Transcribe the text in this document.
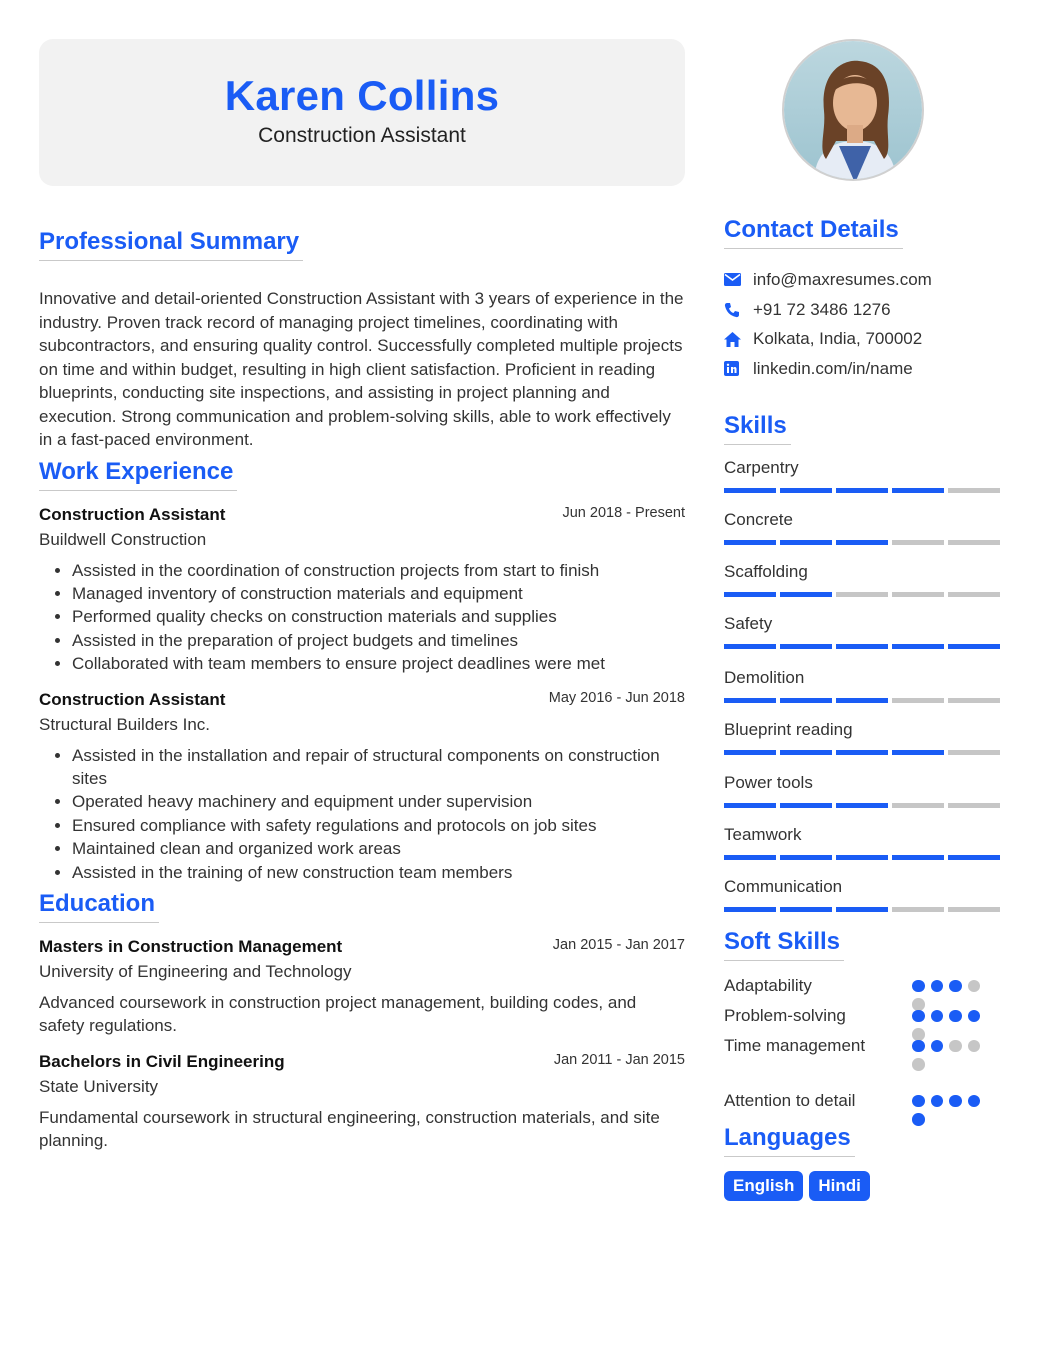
Karen Collins
Construction Assistant
Professional Summary

Innovative and detail-oriented Construction Assistant with 3 years of experience in the industry. Proven track record of managing project timelines, coordinating with subcontractors, and ensuring quality control. Successfully completed multiple projects on time and within budget, resulting in high client satisfaction. Proficient in reading blueprints, conducting site inspections, and assisting in project planning and execution. Strong communication and problem-solving skills, able to work effectively in a fast-paced environment.

Work Experience
Construction Assistant	Jun 2018 - Present
Buildwell Construction
• Assisted in the coordination of construction projects from start to finish
• Managed inventory of construction materials and equipment
• Performed quality checks on construction materials and supplies
• Assisted in the preparation of project budgets and timelines
• Collaborated with team members to ensure project deadlines were met
Construction Assistant	May 2016 - Jun 2018
Structural Builders Inc.
• Assisted in the installation and repair of structural components on construction sites
• Operated heavy machinery and equipment under supervision
• Ensured compliance with safety regulations and protocols on job sites
• Maintained clean and organized work areas
• Assisted in the training of new construction team members
Education
Masters in Construction Management	Jan 2015 - Jan 2017
University of Engineering and Technology
Advanced coursework in construction project management, building codes, and safety regulations.
Bachelors in Civil Engineering	Jan 2011 - Jan 2015
State University
Fundamental coursework in structural engineering, construction materials, and site planning.
Contact Details
info@maxresumes.com
+91 72 3486 1276
Kolkata, India, 700002
linkedin.com/in/name
Skills
Carpentry
Concrete
Scaffolding
Safety
Demolition
Blueprint reading
Power tools
Teamwork
Communication
Soft Skills
Adaptability
Problem-solving
Time management
Attention to detail
Languages
English	Hindi
